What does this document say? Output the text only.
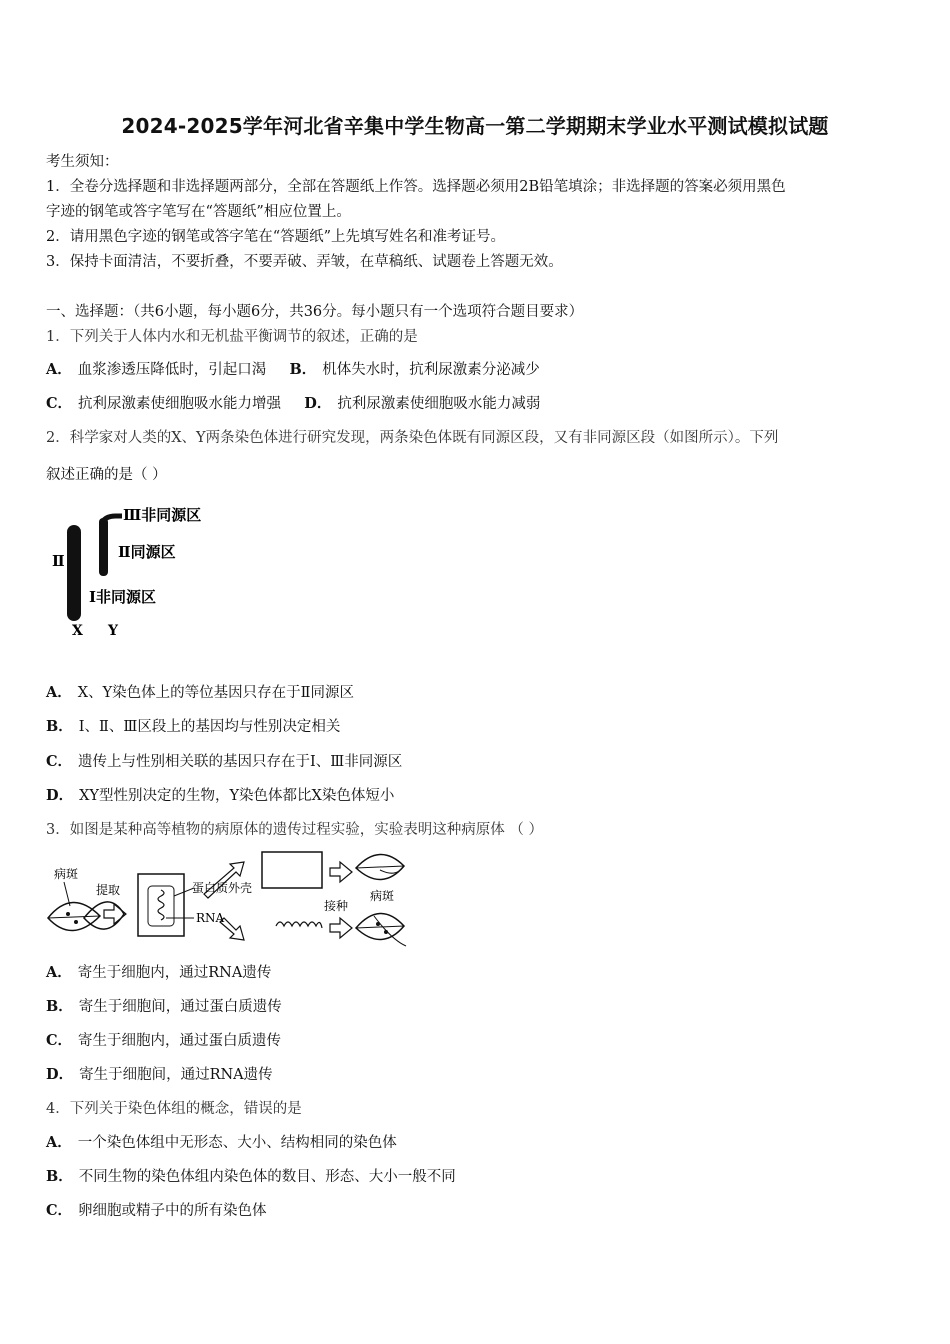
2024-2025学年河北省辛集中学生物高一第二学期期末学业水平测试模拟试题
考生须知：
1．全卷分选择题和非选择题两部分，全部在答题纸上作答。选择题必须用2B铅笔填涂；非选择题的答案必须用黑色
字迹的钢笔或答字笔写在“答题纸”相应位置上。
2．请用黑色字迹的钢笔或答字笔在“答题纸”上先填写姓名和准考证号。
3．保持卡面清洁，不要折叠，不要弄破、弄皱，在草稿纸、试题卷上答题无效。
一、选择题：（共6小题，每小题6分，共36分。每小题只有一个选项符合题目要求）
1．下列关于人体内水和无机盐平衡调节的叙述，正确的是
A． 血浆渗透压降低时，引起口渴 B． 机体失水时，抗利尿激素分泌减少
C． 抗利尿激素使细胞吸水能力增强 D． 抗利尿激素使细胞吸水能力减弱
2．科学家对人类的X、Y两条染色体进行研究发现，两条染色体既有同源区段，又有非同源区段（如图所示）。下列
叙述正确的是（ ）
Ⅲ非同源区
Ⅱ同源区
Ⅱ
Ⅰ非同源区
X Y
A． X、Y染色体上的等位基因只存在于Ⅱ同源区
B． Ⅰ、Ⅱ、Ⅲ区段上的基因均与性别决定相关
C． 遗传上与性别相关联的基因只存在于Ⅰ、Ⅲ非同源区
D． XY型性别决定的生物，Y染色体都比X染色体短小
3．如图是某种高等植物的病原体的遗传过程实验，实验表明这种病原体 （ ）
病斑
提取	蛋白质外壳
RNA
接种
病斑
A． 寄生于细胞内，通过RNA遗传
B． 寄生于细胞间，通过蛋白质遗传
C． 寄生于细胞内，通过蛋白质遗传
D． 寄生于细胞间，通过RNA遗传
4．下列关于染色体组的概念，错误的是
A． 一个染色体组中无形态、大小、结构相同的染色体
B． 不同生物的染色体组内染色体的数目、形态、大小一般不同
C． 卵细胞或精子中的所有染色体
